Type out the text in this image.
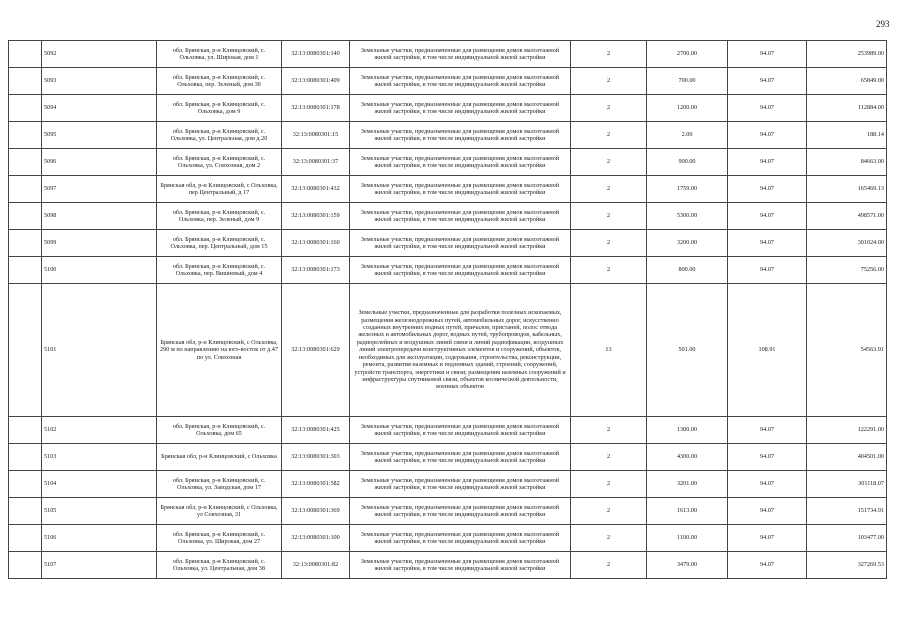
293
	5092	обл. Брянская, р-н Клинцовский, с. Ольховка, ул. Широкая, дом 1	32:13:0080301:140	Земельные участки, предназначенные для размещения домов малоэтажной жилой застройки, в том числе индивидуальной жилой застройки	2	2700.00	94.07	253989.00
	5093	обл. Брянская, р-н Клинцовский, с. Ольховка, пер. Зеленый, дом 30	32:13:0080301:409	Земельные участки, предназначенные для размещения домов малоэтажной жилой застройки, в том числе индивидуальной жилой застройки	2	700.00	94.07	65849.00
	5094	обл. Брянская, р-н Клинцовский, с. Ольховка, дом 9	32:13:0080301:178	Земельные участки, предназначенные для размещения домов малоэтажной жилой застройки, в том числе индивидуальной жилой застройки	2	1200.00	94.07	112884.00
	5095	обл. Брянская, р-н Клинцовский, с. Ольховка, ул. Центральная, дом д.20	32:13:0080301:15	Земельные участки, предназначенные для размещения домов малоэтажной жилой застройки, в том числе индивидуальной жилой застройки	2	2.00	94.07	188.14
	5096	обл. Брянская, р-н Клинцовский, с. Ольховка, ул. Совхозная, дом 2	32:13:0080301:37	Земельные участки, предназначенные для размещения домов малоэтажной жилой застройки, в том числе индивидуальной жилой застройки	2	900.00	94.07	84663.00
	5097	Брянская обл, р-н Клинцовский, с Ольховка, пер Центральный, д 17	32:13:0080301:432	Земельные участки, предназначенные для размещения домов малоэтажной жилой застройки, в том числе индивидуальной жилой застройки	2	1759.00	94.07	165469.13
	5098	обл. Брянская, р-н Клинцовский, с. Ольховка, пер. Зеленый, дом 9	32:13:0080301:159	Земельные участки, предназначенные для размещения домов малоэтажной жилой застройки, в том числе индивидуальной жилой застройки	2	5300.00	94.07	498571.00
	5099	обл. Брянская, р-н Клинцовский, с. Ольховка, пер. Центральный, дом 15	32:13:0080301:160	Земельные участки, предназначенные для размещения домов малоэтажной жилой застройки, в том числе индивидуальной жилой застройки	2	3200.00	94.07	301024.00
	5100	обл. Брянская, р-н Клинцовский, с. Ольховка, пер. Вишневый, дом 4	32:13:0080301:173	Земельные участки, предназначенные для размещения домов малоэтажной жилой застройки, в том числе индивидуальной жилой застройки	2	800.00	94.07	75256.00
	5101	Брянская обл, р-н Клинцовский, с Ольховка, 290 м по направлению на юго-восток от д.47 по ул. Совхозная	32:13:0080301:629	Земельные участки, предназначенные для разработки полезных ископаемых, размещения железнодорожных путей, автомобильных дорог, искусственно созданных внутренних водных путей, причалов, пристаней, полос отвода железных и автомобильных дорог, водных путей, трубопроводов, кабельных, радиорелейных и воздушных линий связи и линий радиофикации, воздушных линий электропередачи конструктивных элементов и сооружений, объектов, необходимых для эксплуатации, содержания, строительства, реконструкции, ремонта, развития наземных и подземных зданий, строений, сооружений, устройств транспорта, энергетики и связи; размещения наземных сооружений и инфраструктуры спутниковой связи, объектов космической деятельности, военных объектов	13	501.00	108.91	54563.91
	5102	обл. Брянская, р-н Клинцовский, с. Ольховка, дом 65	32:13:0080301:425	Земельные участки, предназначенные для размещения домов малоэтажной жилой застройки, в том числе индивидуальной жилой застройки	2	1300.00	94.07	122291.00
	5103	Брянская обл, р-н Клинцовский, с Ольховка	32:13:0080301:303	Земельные участки, предназначенные для размещения домов малоэтажной жилой застройки, в том числе индивидуальной жилой застройки	2	4300.00	94.07	404501.00
	5104	обл. Брянская, р-н Клинцовский, с. Ольховка, ул. Заводская, дом 17	32:13:0080301:582	Земельные участки, предназначенные для размещения домов малоэтажной жилой застройки, в том числе индивидуальной жилой застройки	2	3201.00	94.07	301118.07
	5105	Брянская обл, р-н Клинцовский, с Ольховка, ул Совхозная, 31	32:13:0080301:369	Земельные участки, предназначенные для размещения домов малоэтажной жилой застройки, в том числе индивидуальной жилой застройки	2	1613.00	94.07	151734.91
	5106	обл. Брянская, р-н Клинцовский, с. Ольховка, ул. Широкая, дом 27	32:13:0080301:100	Земельные участки, предназначенные для размещения домов малоэтажной жилой застройки, в том числе индивидуальной жилой застройки	2	1100.00	94.07	103477.00
	5107	обл. Брянская, р-н Клинцовский, с. Ольховка, ул. Центральная, дом 38	32:13:0080301:82	Земельные участки, предназначенные для размещения домов малоэтажной жилой застройки, в том числе индивидуальной жилой застройки	2	3479.00	94.07	327269.53
